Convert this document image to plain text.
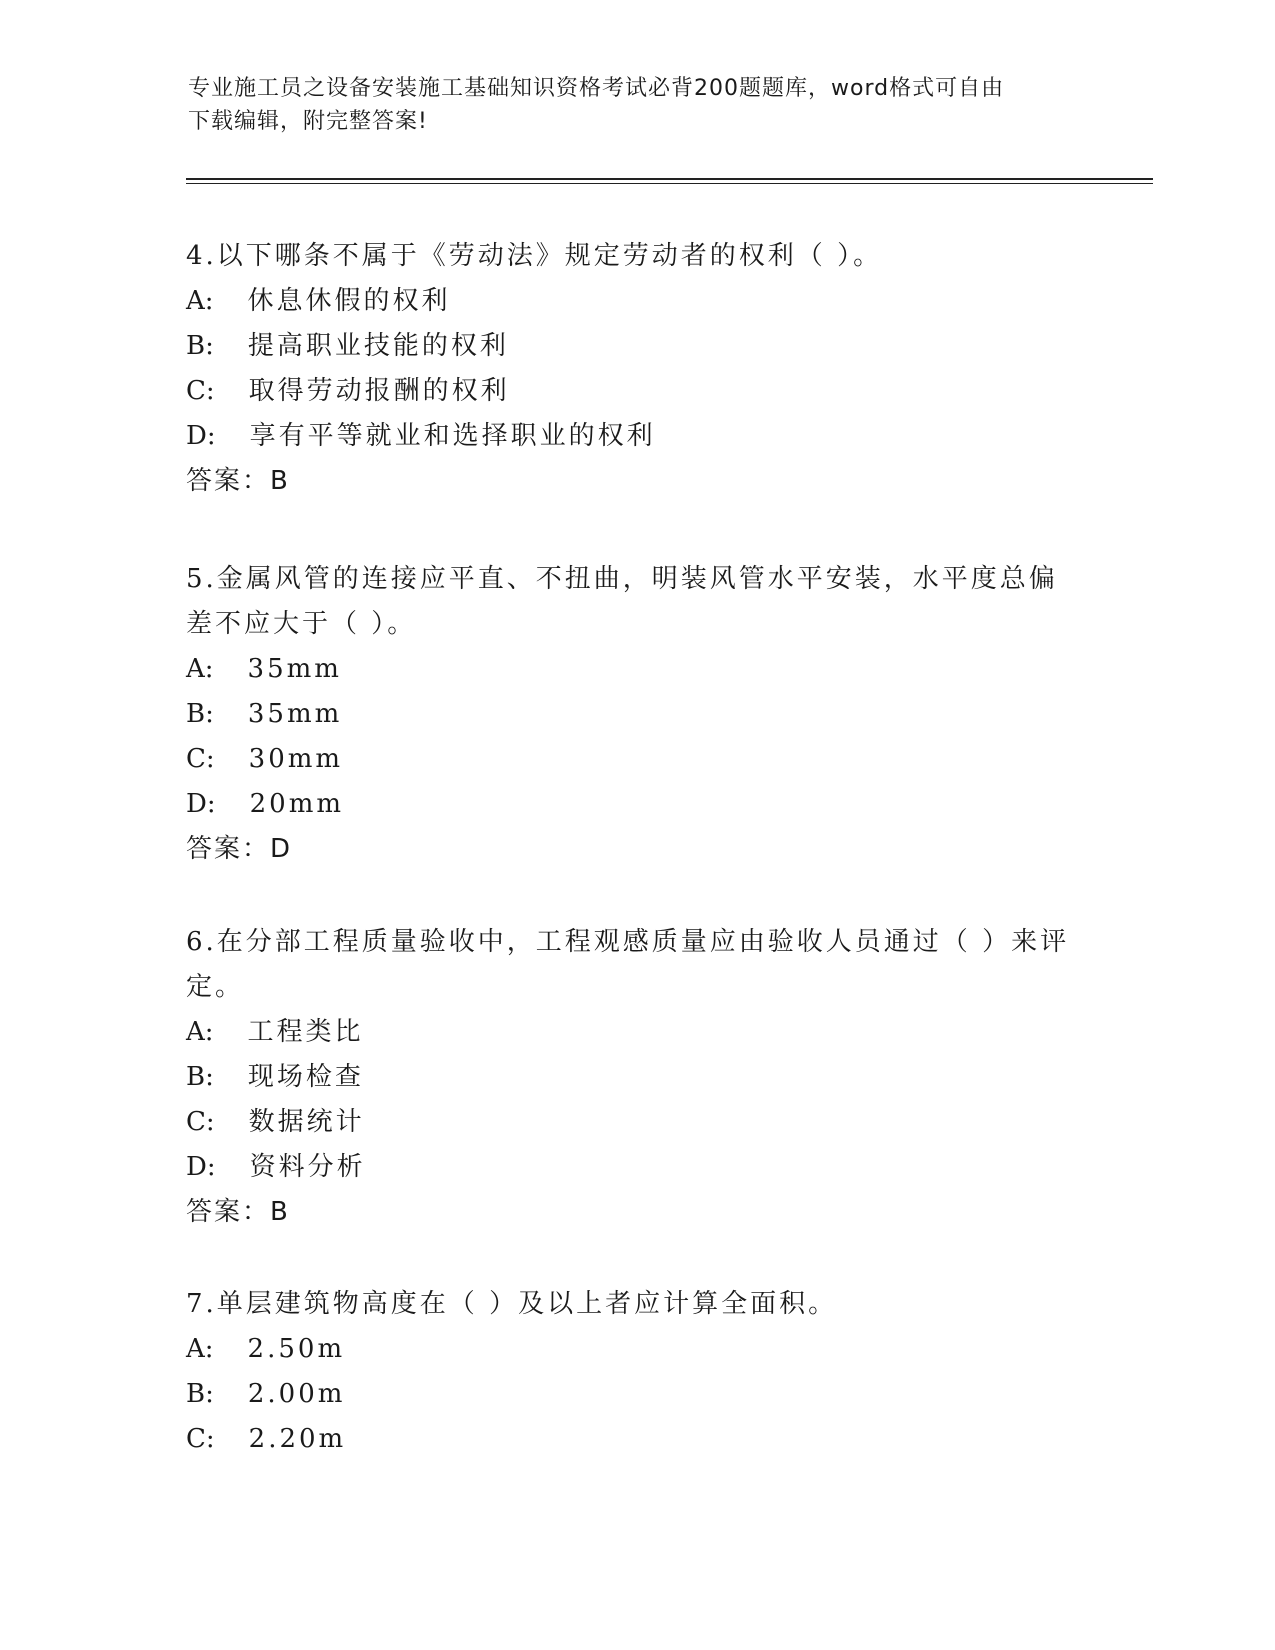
专业施工员之设备安装施工基础知识资格考试必背200题题库，word格式可自由
下载编辑，附完整答案!

4.以下哪条不属于《劳动法》规定劳动者的权利（ ）。

A: 休息休假的权利

B: 提高职业技能的权利

C: 取得劳动报酬的权利

D: 享有平等就业和选择职业的权利

答案：B

5.金属风管的连接应平直、不扭曲，明装风管水平安装，水平度总偏

差不应大于（ ）。

A: 35mm

B: 35mm

C: 30mm

D: 20mm

答案：D

6.在分部工程质量验收中，工程观感质量应由验收人员通过（ ）来评

定。

A: 工程类比

B: 现场检查

C: 数据统计

D: 资料分析

答案：B

7.单层建筑物高度在（ ）及以上者应计算全面积。

A: 2.50m

B: 2.00m

C: 2.20m
